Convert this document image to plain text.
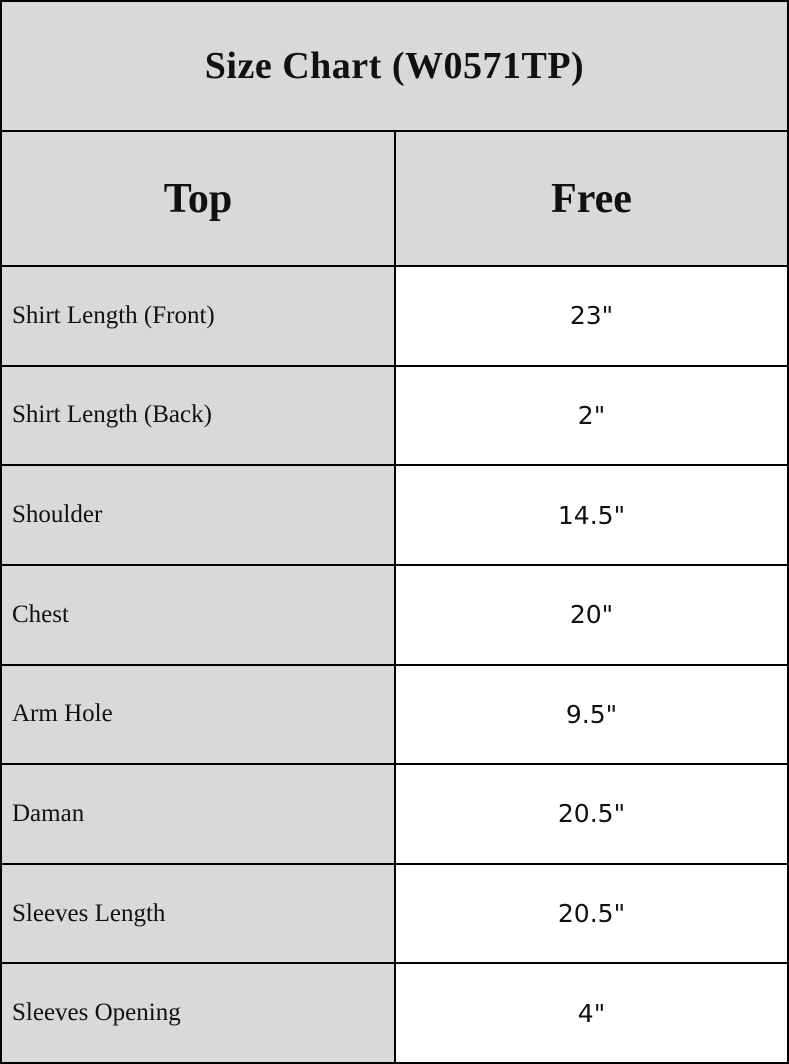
Size Chart (W0571TP)
Top	Free
Shirt Length (Front)	23"
Shirt Length (Back)	2"
Shoulder	14.5"
Chest	20"
Arm Hole	9.5"
Daman	20.5"
Sleeves Length	20.5"
Sleeves Opening	4"
